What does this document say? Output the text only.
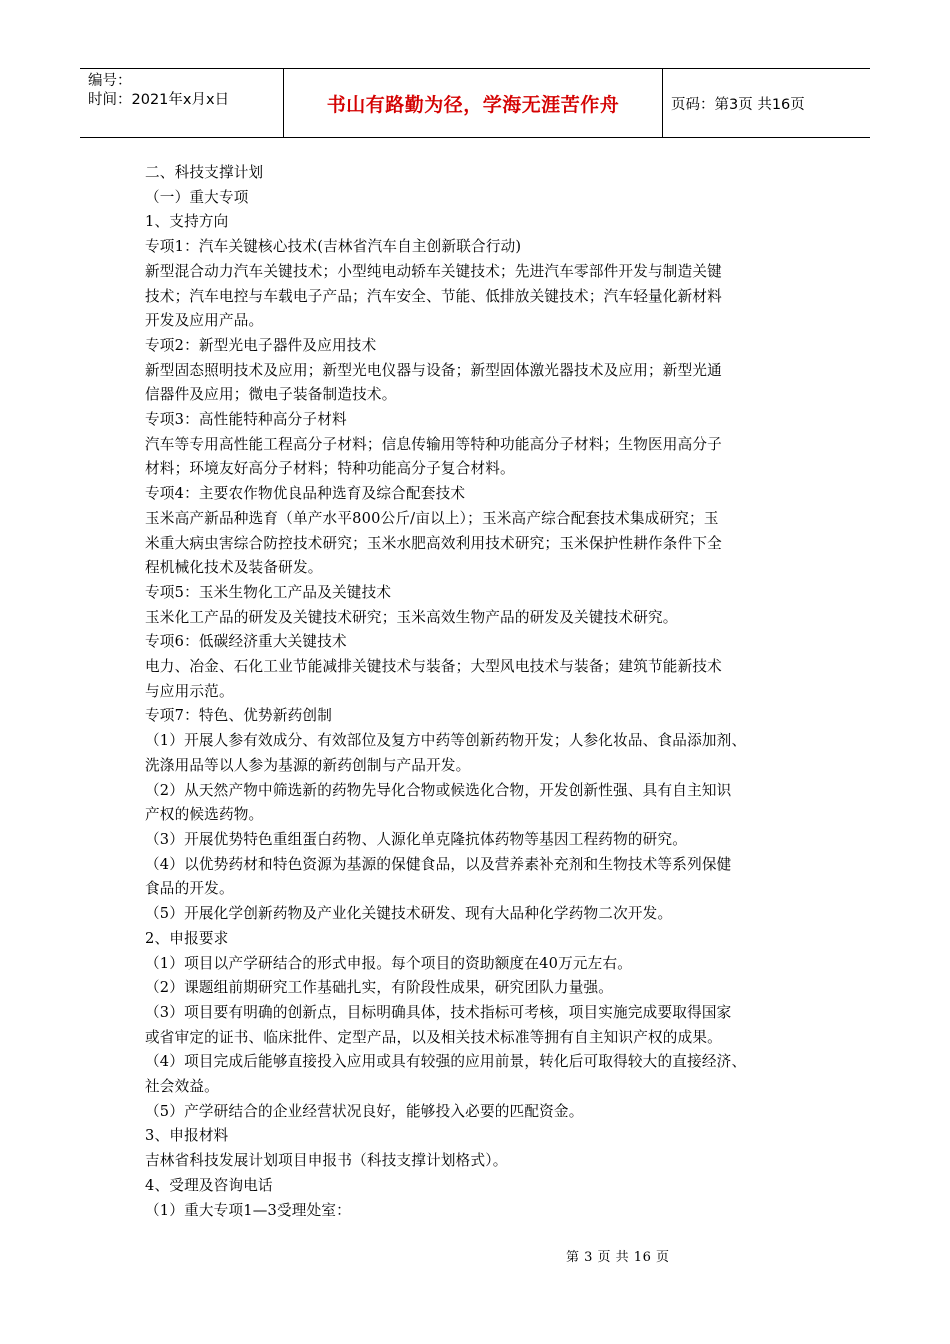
编号：
时间：2021年x月x日	书山有路勤为径，学海无涯苦作舟	页码：第3页 共16页
二、科技支撑计划
（一）重大专项
1、支持方向
专项1：汽车关键核心技术(吉林省汽车自主创新联合行动)
新型混合动力汽车关键技术；小型纯电动轿车关键技术；先进汽车零部件开发与制造关键
技术；汽车电控与车载电子产品；汽车安全、节能、低排放关键技术；汽车轻量化新材料
开发及应用产品。
专项2：新型光电子器件及应用技术
新型固态照明技术及应用；新型光电仪器与设备；新型固体激光器技术及应用；新型光通
信器件及应用；微电子装备制造技术。
专项3：高性能特种高分子材料
汽车等专用高性能工程高分子材料；信息传输用等特种功能高分子材料；生物医用高分子
材料；环境友好高分子材料；特种功能高分子复合材料。
专项4：主要农作物优良品种选育及综合配套技术
玉米高产新品种选育（单产水平800公斤/亩以上）；玉米高产综合配套技术集成研究；玉
米重大病虫害综合防控技术研究；玉米水肥高效利用技术研究；玉米保护性耕作条件下全
程机械化技术及装备研发。
专项5：玉米生物化工产品及关键技术
玉米化工产品的研发及关键技术研究；玉米高效生物产品的研发及关键技术研究。
专项6：低碳经济重大关键技术
电力、冶金、石化工业节能减排关键技术与装备；大型风电技术与装备；建筑节能新技术
与应用示范。
专项7：特色、优势新药创制
（1）开展人参有效成分、有效部位及复方中药等创新药物开发；人参化妆品、食品添加剂、
洗涤用品等以人参为基源的新药创制与产品开发。
（2）从天然产物中筛选新的药物先导化合物或候选化合物，开发创新性强、具有自主知识
产权的候选药物。
（3）开展优势特色重组蛋白药物、人源化单克隆抗体药物等基因工程药物的研究。
（4）以优势药材和特色资源为基源的保健食品，以及营养素补充剂和生物技术等系列保健
食品的开发。
（5）开展化学创新药物及产业化关键技术研发、现有大品种化学药物二次开发。
2、申报要求
（1）项目以产学研结合的形式申报。每个项目的资助额度在40万元左右。
（2）课题组前期研究工作基础扎实，有阶段性成果，研究团队力量强。
（3）项目要有明确的创新点，目标明确具体，技术指标可考核，项目实施完成要取得国家
或省审定的证书、临床批件、定型产品，以及相关技术标准等拥有自主知识产权的成果。
（4）项目完成后能够直接投入应用或具有较强的应用前景，转化后可取得较大的直接经济、
社会效益。
（5）产学研结合的企业经营状况良好，能够投入必要的匹配资金。
3、申报材料
吉林省科技发展计划项目申报书（科技支撑计划格式）。
4、受理及咨询电话
（1）重大专项1—3受理处室：
第 3 页 共 16 页
